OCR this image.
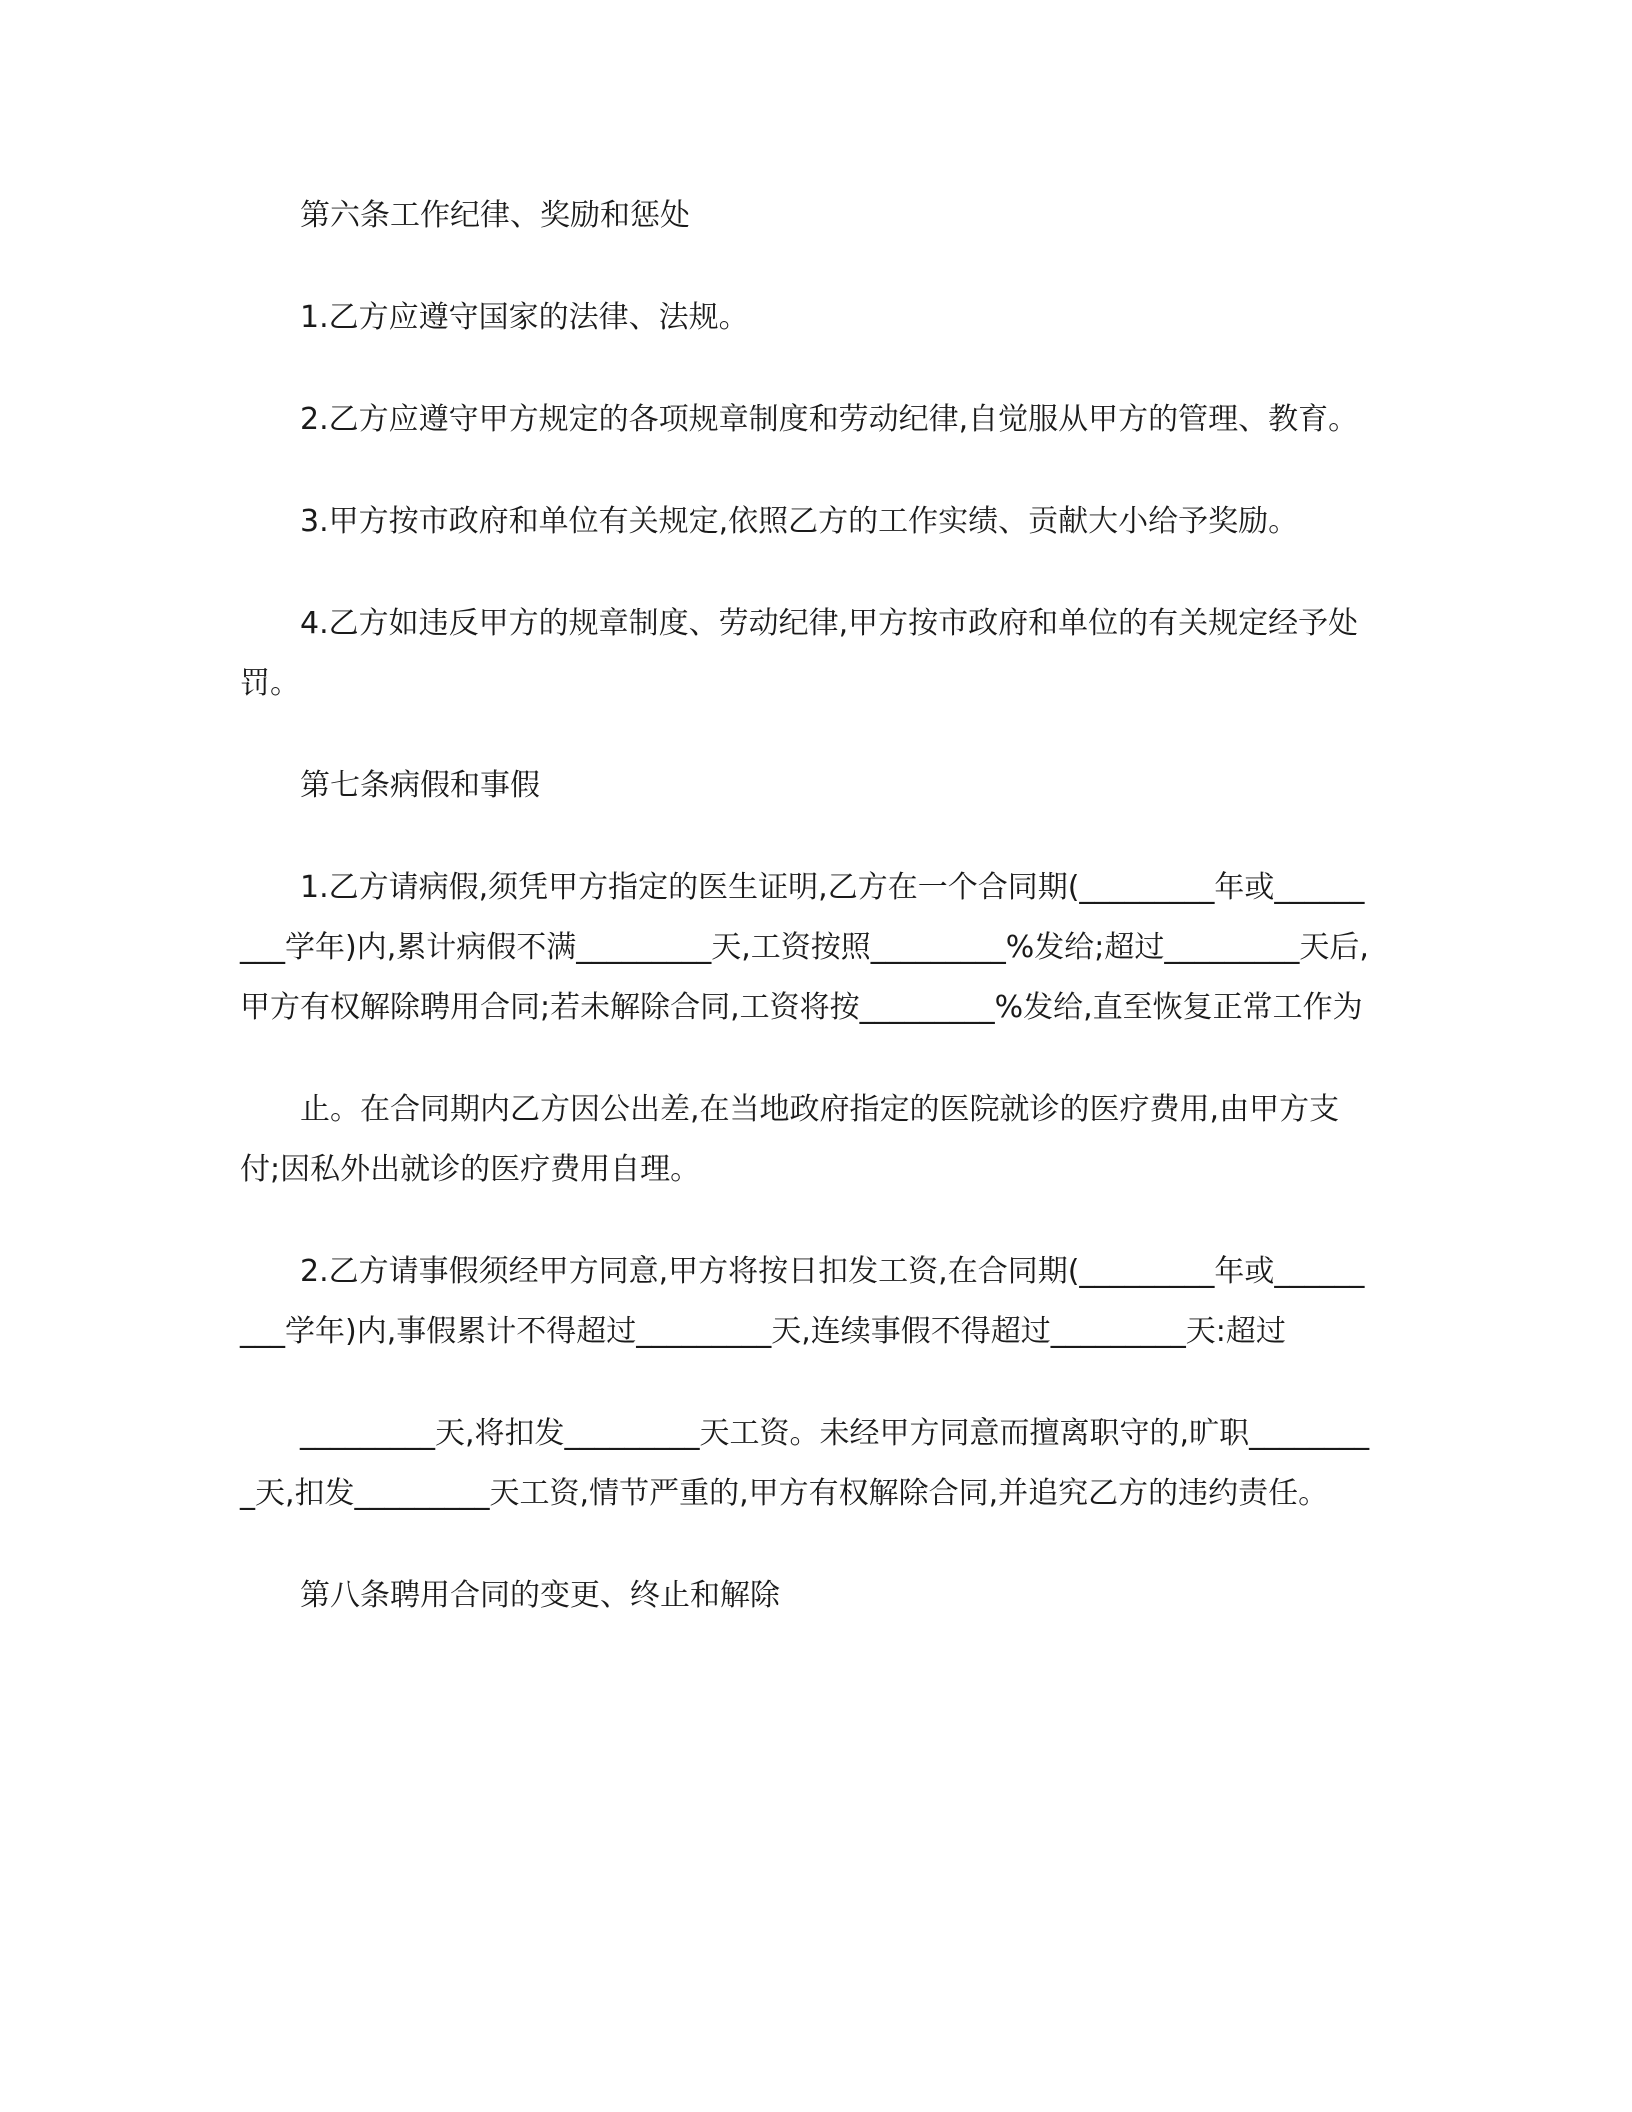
第六条工作纪律、奖励和惩处

1.乙方应遵守国家的法律、法规。

2.乙方应遵守甲方规定的各项规章制度和劳动纪律,自觉服从甲方的管理、教育。

3.甲方按市政府和单位有关规定,依照乙方的工作实绩、贡献大小给予奖励。

4.乙方如违反甲方的规章制度、劳动纪律,甲方按市政府和单位的有关规定经予处罚。

第七条病假和事假

1.乙方请病假,须凭甲方指定的医生证明,乙方在一个合同期(_________年或_________学年)内,累计病假不满_________天,工资按照_________%发给;超过_________天后,甲方有权解除聘用合同;若未解除合同,工资将按_________%发给,直至恢复正常工作为

止。在合同期内乙方因公出差,在当地政府指定的医院就诊的医疗费用,由甲方支付;因私外出就诊的医疗费用自理。

2.乙方请事假须经甲方同意,甲方将按日扣发工资,在合同期(_________年或_________学年)内,事假累计不得超过_________天,连续事假不得超过_________天:超过

_________天,将扣发_________天工资。未经甲方同意而擅离职守的,旷职_________天,扣发_________天工资,情节严重的,甲方有权解除合同,并追究乙方的违约责任。

第八条聘用合同的变更、终止和解除
